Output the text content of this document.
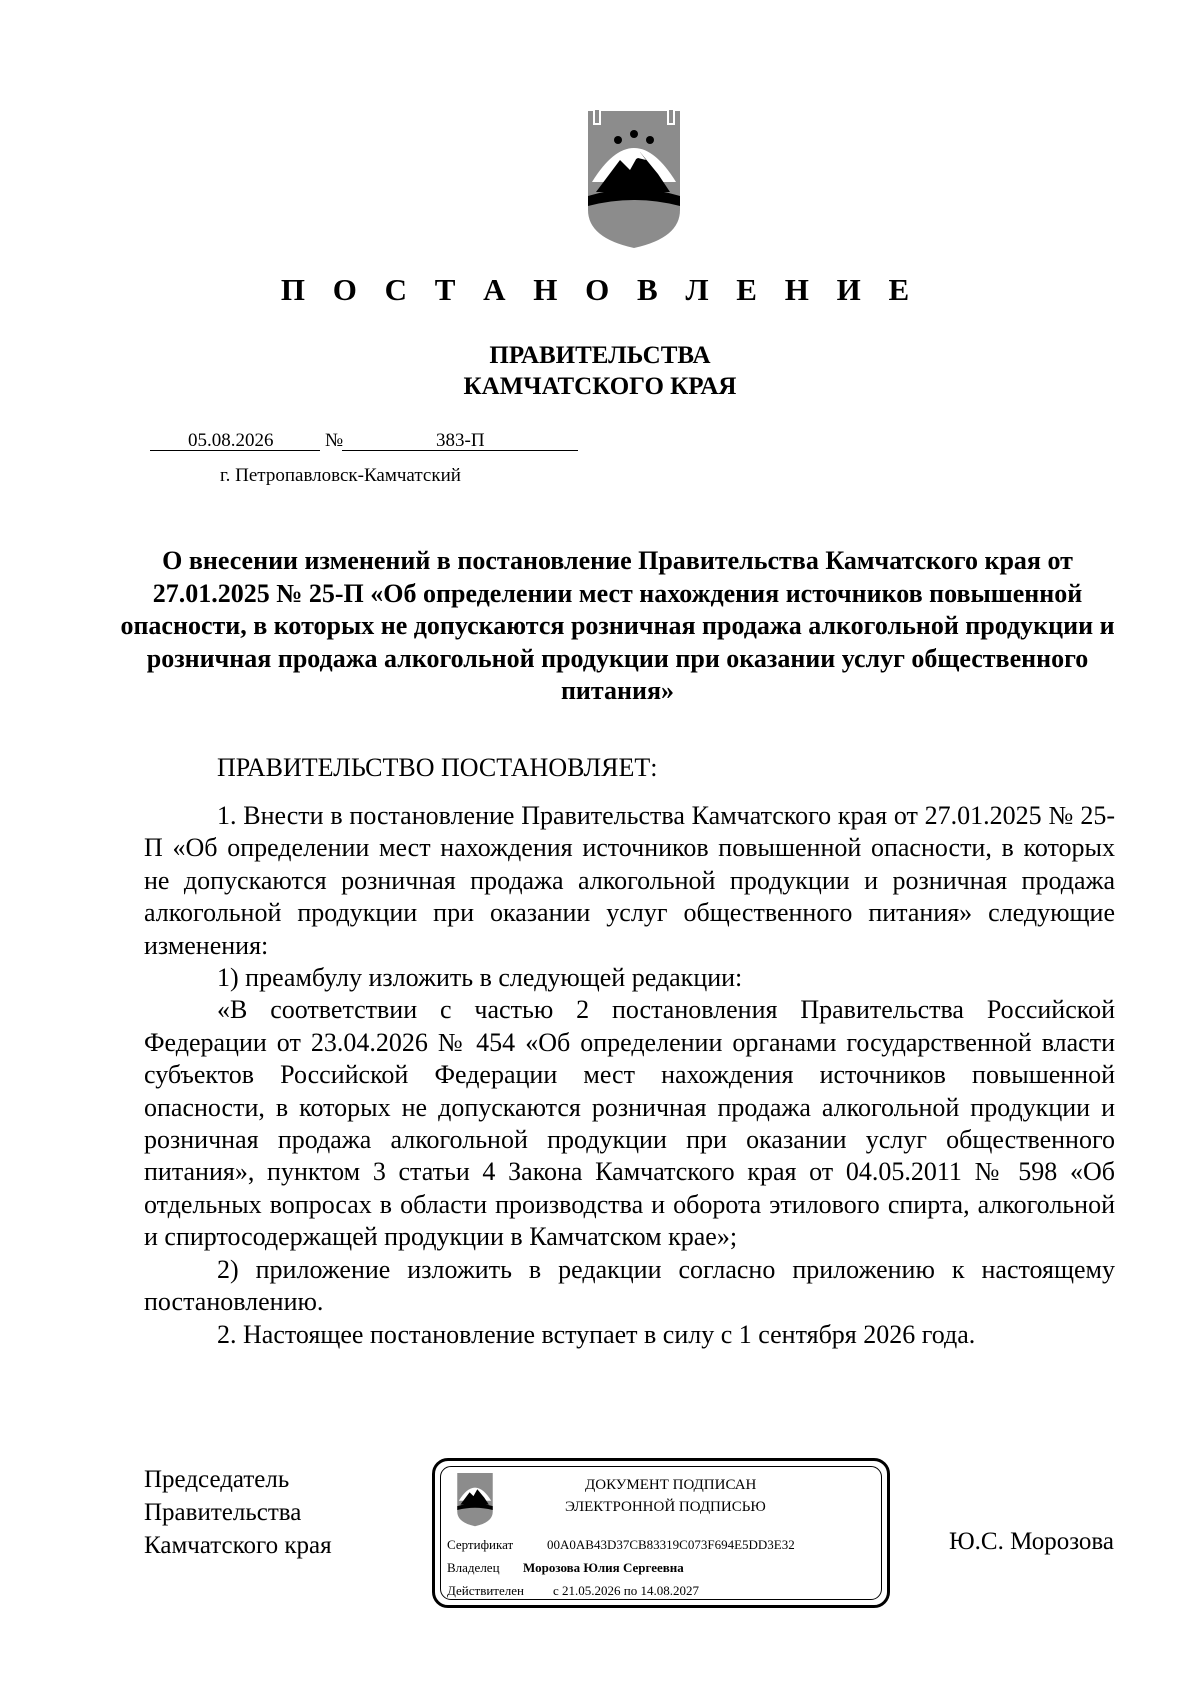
П О С Т А Н О В Л Е Н И Е
ПРАВИТЕЛЬСТВА
КАМЧАТСКОГО КРАЯ
05.08.2026	№	383-П
г. Петропавловск-Камчатский
О внесении изменений в постановление Правительства Камчатского края от 27.01.2025 № 25-П «Об определении мест нахождения источников повышенной опасности, в которых не допускаются розничная продажа алкогольной продукции и розничная продажа алкогольной продукции при оказании услуг общественного питания»
ПРАВИТЕЛЬСТВО ПОСТАНОВЛЯЕТ:

1. Внести в постановление Правительства Камчатского края от 27.01.2025 № 25-П «Об определении мест нахождения источников повышенной опасности, в которых не допускаются розничная продажа алкогольной продукции и розничная продажа алкогольной продукции при оказании услуг общественного питания» следующие изменения:

1) преамбулу изложить в следующей редакции:

«В соответствии с частью 2 постановления Правительства Российской Федерации от 23.04.2026 № 454 «Об определении органами государственной власти субъектов Российской Федерации мест нахождения источников повышенной опасности, в которых не допускаются розничная продажа алкогольной продукции и розничная продажа алкогольной продукции при оказании услуг общественного питания», пунктом 3 статьи 4 Закона Камчатского края от 04.05.2011 № 598 «Об отдельных вопросах в области производства и оборота этилового спирта, алкогольной и спиртосодержащей продукции в Камчатском крае»;

2) приложение изложить в редакции согласно приложению к настоящему постановлению.

2. Настоящее постановление вступает в силу с 1 сентября 2026 года.

Председатель
Правительства
Камчатского края
ДОКУМЕНТ ПОДПИСАН
ЭЛЕКТРОННОЙ ПОДПИСЬЮ
Сертификат	00A0AB43D37CB83319C073F694E5DD3E32
Владелец Морозова Юлия Сергеевна
Действителен с 21.05.2026 по 14.08.2027
Ю.С. Морозова
